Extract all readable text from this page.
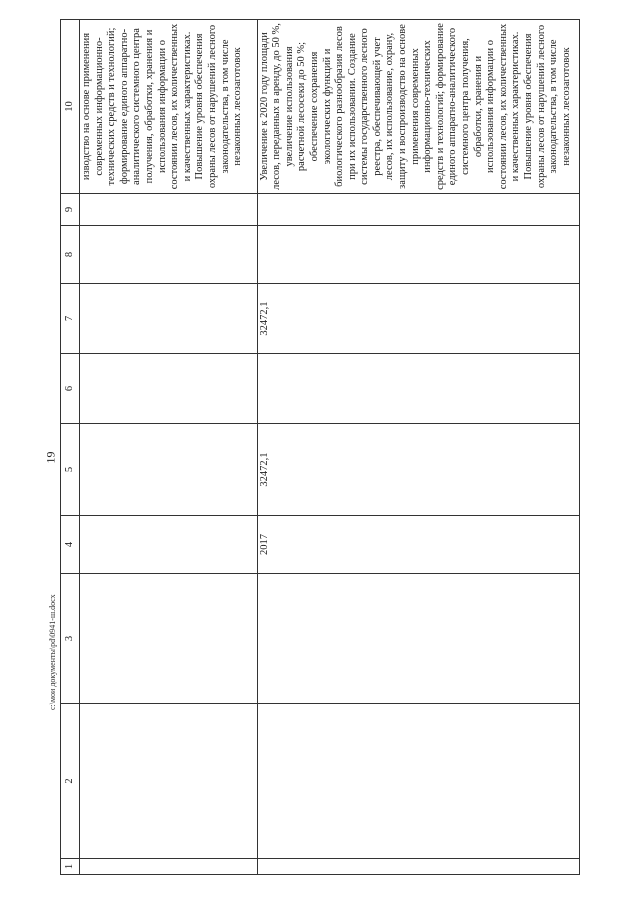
19
c:\мои документы\pd\0941-ш.docx
1	2	3	4	5	6	7	8	9	10
									изводство на основе применения современных информационно-технических средств и технологий; формирование единого аппаратно-аналитического системного центра получения, обработки, хранения и использования информации о состоянии лесов, их количественных и качественных характеристиках. Повышение уровня обеспечения охраны лесов от нарушений лесного законодательства, в том числе незаконных лесозаготовок
			2017	32472,1		32472,1			Увеличение к 2020 году площади лесов, переданных в аренду, до 50 %, увеличение использования расчетной лесосеки до 50 %; обеспечение сохранения экологических функций и биологического разнообразия лесов при их использовании. Создание системы государственного лесного реестра, обеспечивающей учет лесов, их использование, охрану, защиту и воспроизводство на основе применения современных информационно-технических средств и технологий; формирование единого аппаратно-аналитического системного центра получения, обработки, хранения и использования информации о состоянии лесов, их количественных и качественных характеристиках. Повышение уровня обеспечения охраны лесов от нарушений лесного законодательства, в том числе незаконных лесозаготовок
